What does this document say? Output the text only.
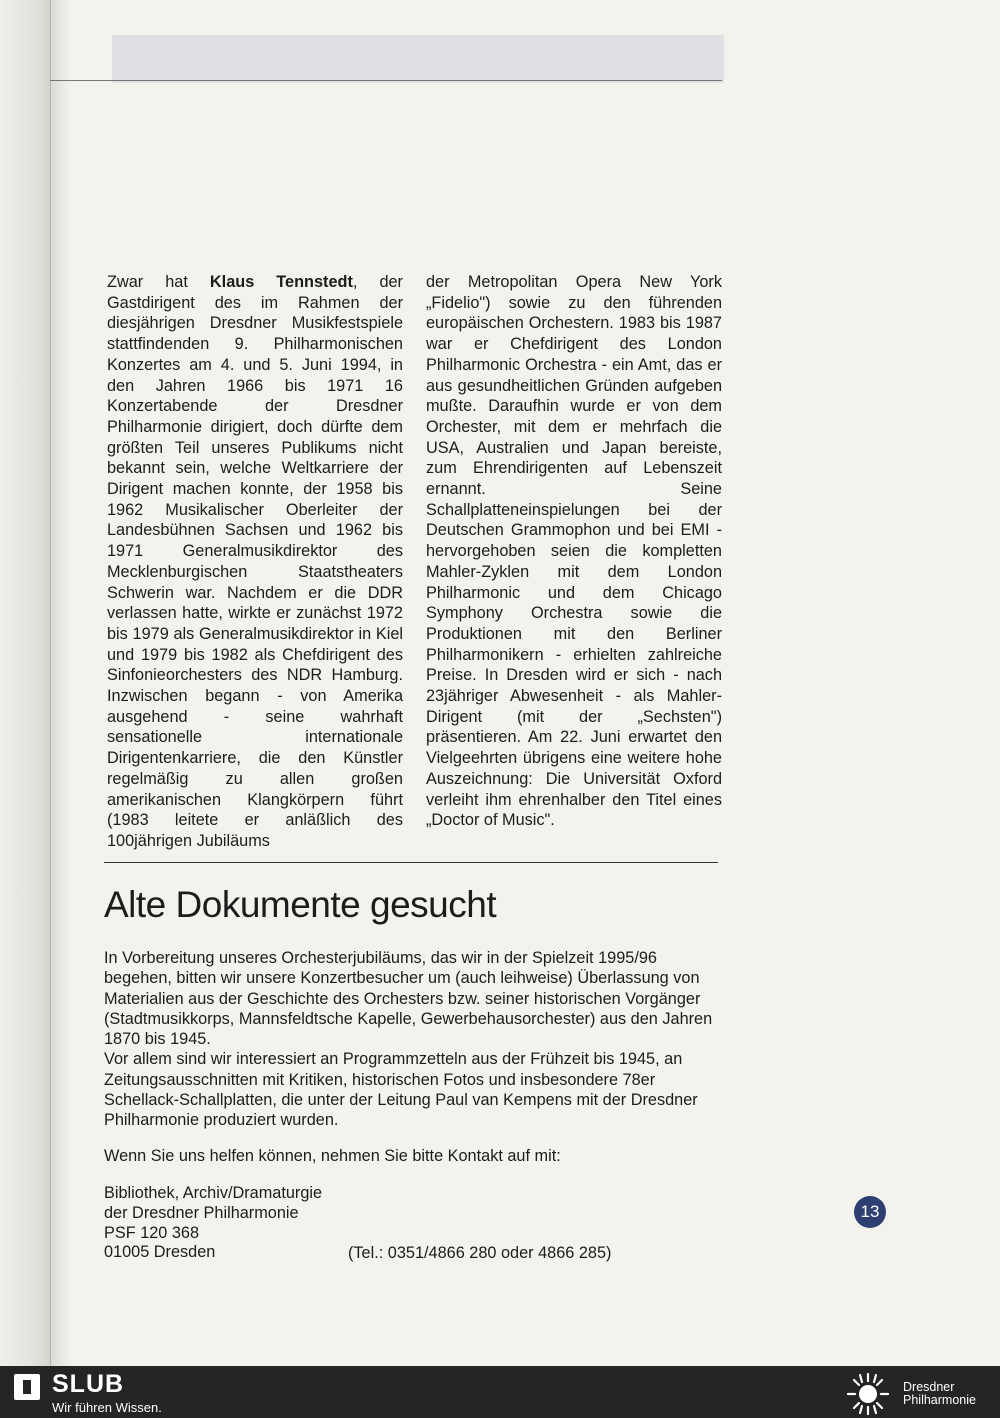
Zwar hat Klaus Tennstedt, der Gastdirigent des im Rahmen der diesjährigen Dresdner Musikfestspiele stattfindenden 9. Philharmonischen Konzertes am 4. und 5. Juni 1994, in den Jahren 1966 bis 1971 16 Konzertabende der Dresdner Philharmonie dirigiert, doch dürfte dem größten Teil unseres Publikums nicht bekannt sein, welche Weltkarriere der Dirigent machen konnte, der 1958 bis 1962 Musikalischer Oberleiter der Landesbühnen Sachsen und 1962 bis 1971 Generalmusikdirektor des Mecklenburgischen Staatstheaters Schwerin war. Nachdem er die DDR verlassen hatte, wirkte er zunächst 1972 bis 1979 als Generalmusikdirektor in Kiel und 1979 bis 1982 als Chefdirigent des Sinfonieorchesters des NDR Hamburg. Inzwischen begann - von Amerika ausgehend - seine wahrhaft sensationelle internationale Dirigentenkarriere, die den Künstler regelmäßig zu allen großen amerikanischen Klangkörpern führt (1983 leitete er anläßlich des 100jährigen Jubiläums
der Metropolitan Opera New York „Fidelio") sowie zu den führenden europäischen Orchestern. 1983 bis 1987 war er Chefdirigent des London Philharmonic Orchestra - ein Amt, das er aus gesundheitlichen Gründen aufgeben mußte. Daraufhin wurde er von dem Orchester, mit dem er mehrfach die USA, Australien und Japan bereiste, zum Ehrendirigenten auf Lebenszeit ernannt. Seine Schallplatteneinspielungen bei der Deutschen Grammophon und bei EMI - hervorgehoben seien die kompletten Mahler-Zyklen mit dem London Philharmonic und dem Chicago Symphony Orchestra sowie die Produktionen mit den Berliner Philharmonikern - erhielten zahlreiche Preise. In Dresden wird er sich - nach 23jähriger Abwesenheit - als Mahler-Dirigent (mit der „Sechsten") präsentieren. Am 22. Juni erwartet den Vielgeehrten übrigens eine weitere hohe Auszeichnung: Die Universität Oxford verleiht ihm ehrenhalber den Titel eines „Doctor of Music".
Alte Dokumente gesucht

In Vorbereitung unseres Orchesterjubiläums, das wir in der Spielzeit 1995/96 begehen, bitten wir unsere Konzertbesucher um (auch leihweise) Überlassung von Materialien aus der Geschichte des Orchesters bzw. seiner historischen Vorgänger (Stadtmusikkorps, Mannsfeldtsche Kapelle, Gewerbehausorchester) aus den Jahren 1870 bis 1945.

Vor allem sind wir interessiert an Programmzetteln aus der Frühzeit bis 1945, an Zeitungsausschnitten mit Kritiken, historischen Fotos und insbesondere 78er Schellack-Schallplatten, die unter der Leitung Paul van Kempens mit der Dresdner Philharmonie produziert wurden.

Wenn Sie uns helfen können, nehmen Sie bitte Kontakt auf mit:
Bibliothek, Archiv/Dramaturgie
der Dresdner Philharmonie
PSF 120 368
01005 Dresden	(Tel.: 0351/4866 280 oder 4866 285)
13
SLUB
Wir führen Wissen.
Dresdner
Philharmonie
